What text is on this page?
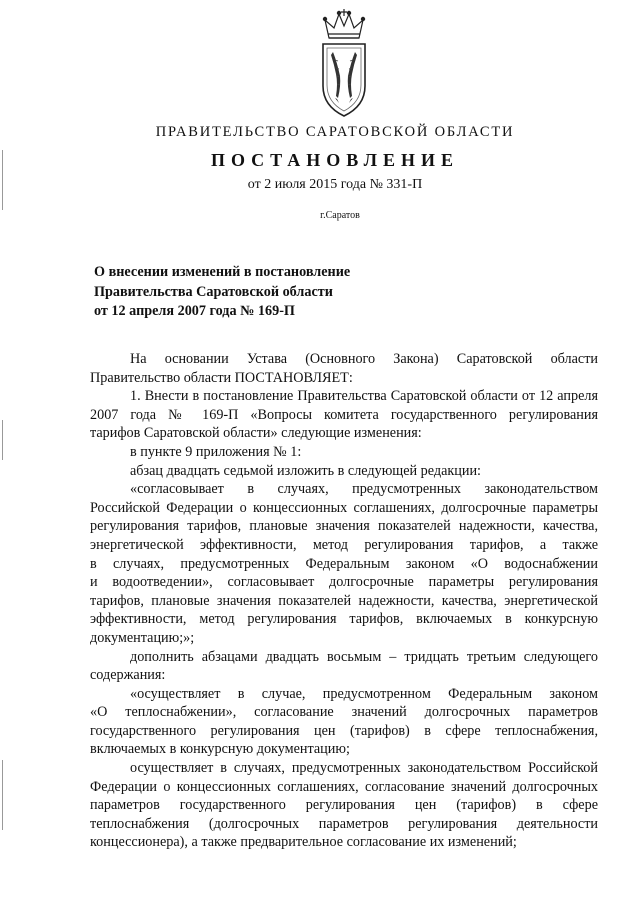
ПРАВИТЕЛЬСТВО САРАТОВСКОЙ ОБЛАСТИ
ПОСТАНОВЛЕНИЕ
от 2 июля 2015 года № 331-П
г.Саратов
О внесении изменений в постановление
Правительства Саратовской области
от 12 апреля 2007 года № 169-П
На основании Устава (Основного Закона) Саратовской области
Правительство области ПОСТАНОВЛЯЕТ:
1. Внести в постановление Правительства Саратовской области от 12 апреля
2007 года № 169-П «Вопросы комитета государственного регулирования
тарифов Саратовской области» следующие изменения:
в пункте 9 приложения № 1:
абзац двадцать седьмой изложить в следующей редакции:
«согласовывает в случаях, предусмотренных законодательством
Российской Федерации о концессионных соглашениях, долгосрочные параметры
регулирования тарифов, плановые значения показателей надежности, качества,
энергетической эффективности, метод регулирования тарифов, а также
в случаях, предусмотренных Федеральным законом «О водоснабжении
и водоотведении», согласовывает долгосрочные параметры регулирования
тарифов, плановые значения показателей надежности, качества, энергетической
эффективности, метод регулирования тарифов, включаемых в конкурсную
документацию;»;
дополнить абзацами двадцать восьмым – тридцать третьим следующего
содержания:
«осуществляет в случае, предусмотренном Федеральным законом
«О теплоснабжении», согласование значений долгосрочных параметров
государственного регулирования цен (тарифов) в сфере теплоснабжения,
включаемых в конкурсную документацию;
осуществляет в случаях, предусмотренных законодательством Российской
Федерации о концессионных соглашениях, согласование значений долгосрочных
параметров государственного регулирования цен (тарифов) в сфере
теплоснабжения (долгосрочных параметров регулирования деятельности
концессионера), а также предварительное согласование их изменений;
